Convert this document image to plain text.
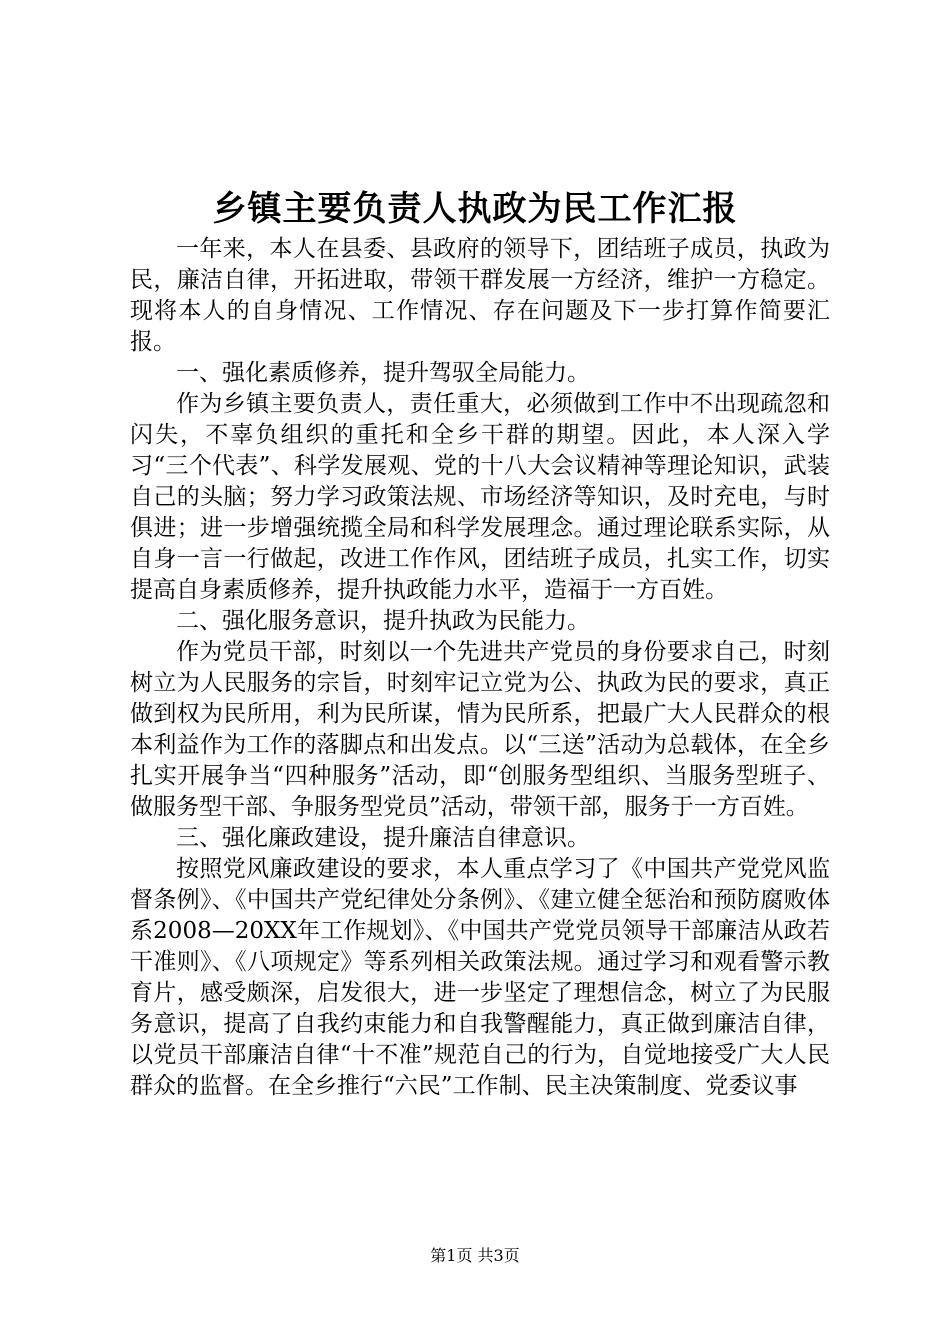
乡镇主要负责人执政为民工作汇报

一年来，本人在县委、县政府的领导下，团结班子成员，执政为民，廉洁自律，开拓进取，带领干群发展一方经济，维护一方稳定。现将本人的自身情况、工作情况、存在问题及下一步打算作简要汇报。

一、强化素质修养，提升驾驭全局能力。

作为乡镇主要负责人，责任重大，必须做到工作中不出现疏忽和闪失，不辜负组织的重托和全乡干群的期望。因此，本人深入学习“三个代表”、科学发展观、党的十八大会议精神等理论知识，武装自己的头脑；努力学习政策法规、市场经济等知识，及时充电，与时俱进；进一步增强统揽全局和科学发展理念。通过理论联系实际，从自身一言一行做起，改进工作作风，团结班子成员，扎实工作，切实提高自身素质修养，提升执政能力水平，造福于一方百姓。

二、强化服务意识，提升执政为民能力。

作为党员干部，时刻以一个先进共产党员的身份要求自己，时刻树立为人民服务的宗旨，时刻牢记立党为公、执政为民的要求，真正做到权为民所用，利为民所谋，情为民所系，把最广大人民群众的根本利益作为工作的落脚点和出发点。以“三送”活动为总载体，在全乡扎实开展争当“四种服务”活动，即“创服务型组织、当服务型班子、做服务型干部、争服务型党员”活动，带领干部，服务于一方百姓。

三、强化廉政建设，提升廉洁自律意识。

按照党风廉政建设的要求，本人重点学习了《中国共产党党风监督条例》、《中国共产党纪律处分条例》、《建立健全惩治和预防腐败体系2008—20XX年工作规划》、《中国共产党党员领导干部廉洁从政若干准则》、《八项规定》等系列相关政策法规。通过学习和观看警示教育片，感受颇深，启发很大，进一步坚定了理想信念，树立了为民服务意识，提高了自我约束能力和自我警醒能力，真正做到廉洁自律，以党员干部廉洁自律“十不准”规范自己的行为，自觉地接受广大人民群众的监督。在全乡推行“六民”工作制、民主决策制度、党委议事

第1页 共3页
